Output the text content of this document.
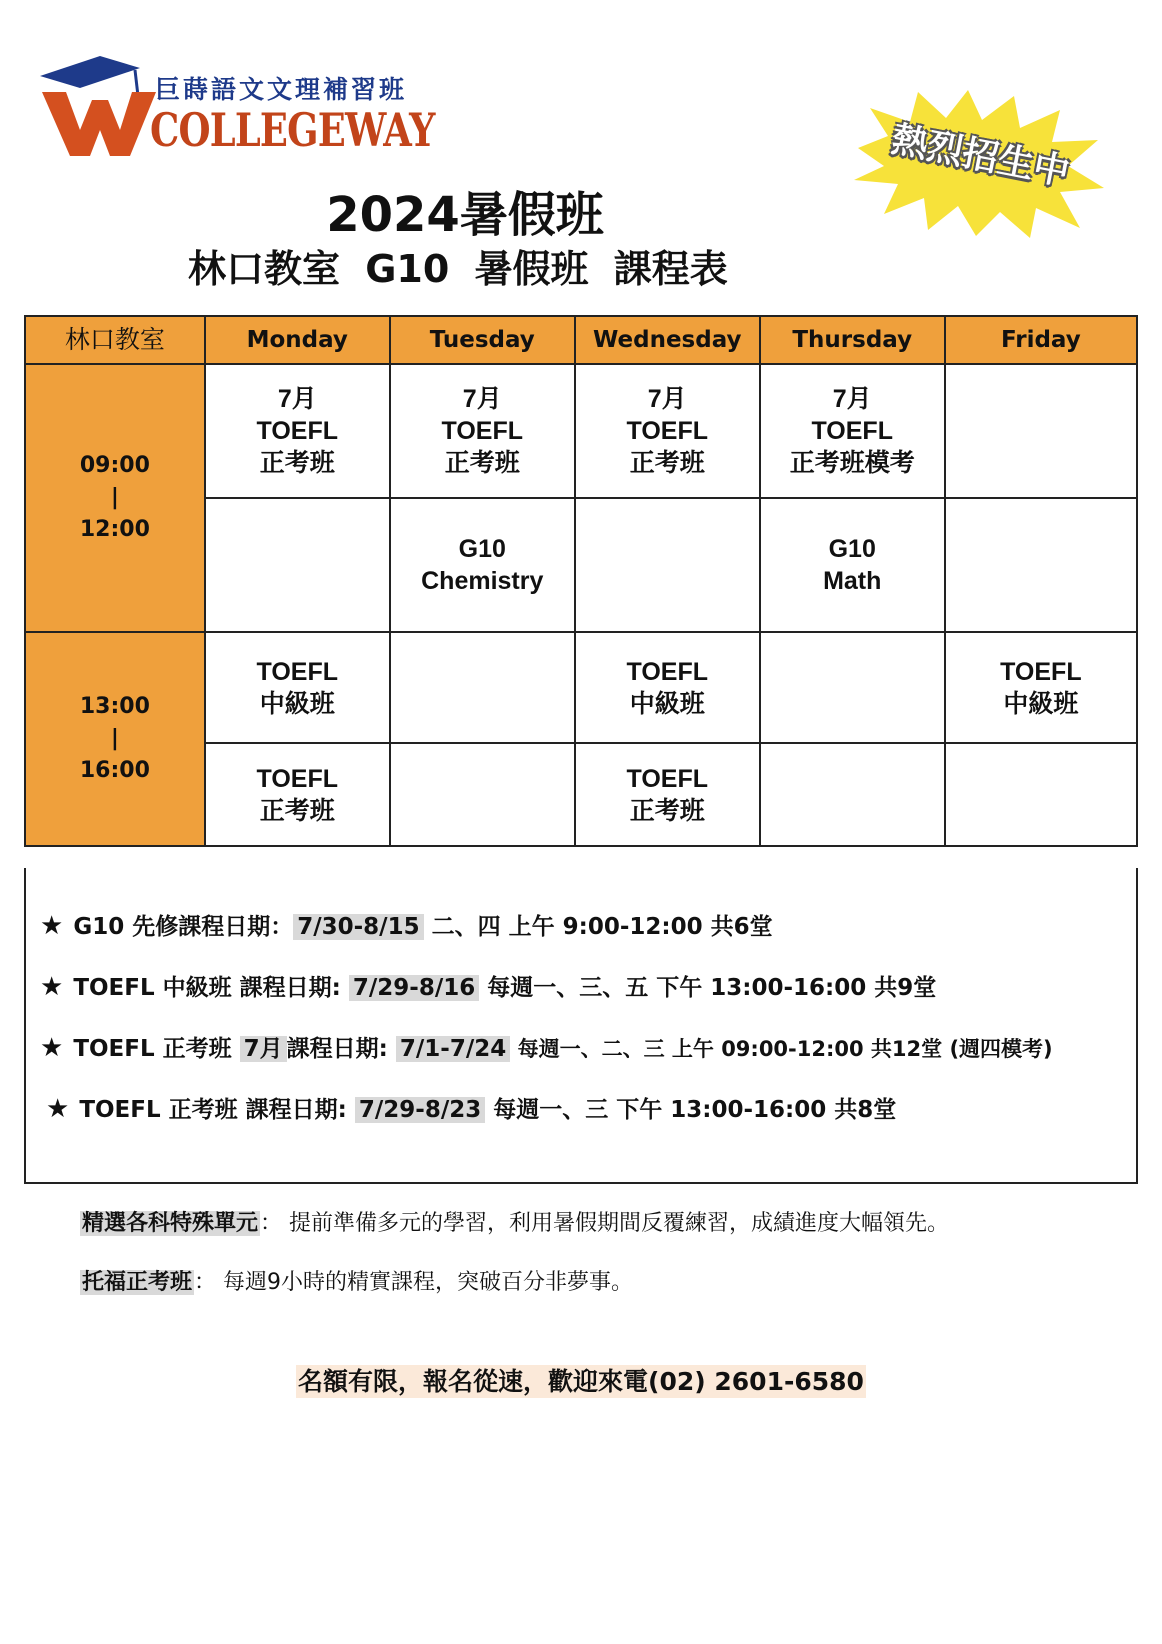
巨蒔語文文理補習班
COLLEGEWAY	熱烈招生中
2024暑假班
林口教室 G10 暑假班 課程表
林口教室	Monday	Tuesday	Wednesday	Thursday	Friday

09:00
|
12:00	7月
TOEFL
正考班	7月
TOEFL
正考班	7月
TOEFL
正考班	7月
TOEFL
正考班模考	

		G10
Chemistry		G10
Math	

13:00
|
16:00	TOEFL
中級班		TOEFL
中級班		TOEFL
中級班

	TOEFL
正考班		TOEFL
正考班		

★ G10 先修課程日期： 7/30-8/15 二、四 上午 9:00-12:00 共6堂
★ TOEFL 中級班 課程日期: 7/29-8/16 每週一、三、五 下午 13:00-16:00 共9堂
★ TOEFL 正考班 7月 課程日期: 7/1-7/24 每週一、二、三 上午 09:00-12:00 共12堂 (週四模考)
★ TOEFL 正考班 課程日期: 7/29-8/23 每週一、三 下午 13:00-16:00 共8堂
精選各科特殊單元： 提前準備多元的學習，利用暑假期間反覆練習，成績進度大幅領先。
托福正考班： 每週9小時的精實課程，突破百分非夢事。
名額有限，報名從速，歡迎來電(02) 2601-6580
